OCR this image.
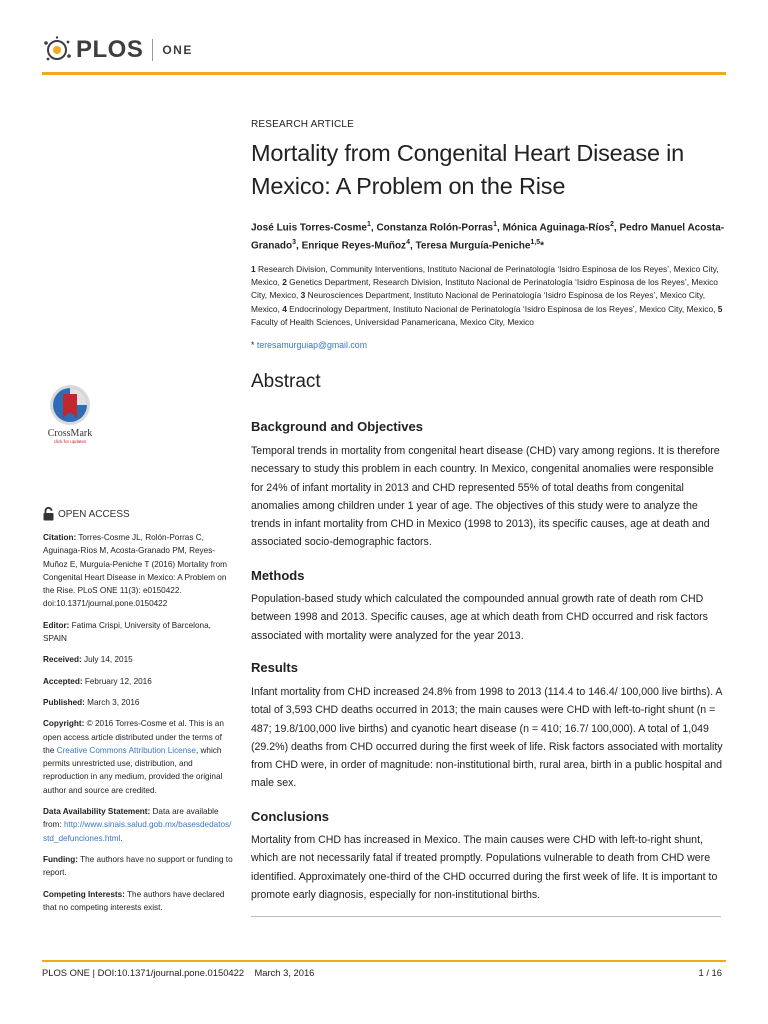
PLOS ONE
CrossMark
click for updates
OPEN ACCESS

Citation: Torres-Cosme JL, Rolón-Porras C, Aguinaga-Ríos M, Acosta-Granado PM, Reyes-Muñoz E, Murguía-Peniche T (2016) Mortality from Congenital Heart Disease in Mexico: A Problem on the Rise. PLoS ONE 11(3): e0150422. doi:10.1371/journal.pone.0150422

Editor: Fatima Crispi, University of Barcelona, SPAIN

Received: July 14, 2015

Accepted: February 12, 2016

Published: March 3, 2016

Copyright: © 2016 Torres-Cosme et al. This is an open access article distributed under the terms of the Creative Commons Attribution License, which permits unrestricted use, distribution, and reproduction in any medium, provided the original author and source are credited.

Data Availability Statement: Data are available from: http://www.sinais.salud.gob.mx/basesdedatos/std_defunciones.html.

Funding: The authors have no support or funding to report.

Competing Interests: The authors have declared that no competing interests exist.

RESEARCH ARTICLE
Mortality from Congenital Heart Disease in Mexico: A Problem on the Rise
José Luis Torres-Cosme$^1$, Constanza Rolón-Porras$^1$, Mónica Aguinaga-Ríos$^2$, Pedro Manuel Acosta-Granado$^3$, Enrique Reyes-Muñoz$^4$, Teresa Murguía-Peniche$^{1,5}$*
1 Research Division, Community Interventions, Instituto Nacional de Perinatología ‘Isidro Espinosa de los Reyes’, Mexico City, Mexico, 2 Genetics Department, Research Division, Instituto Nacional de Perinatología ‘Isidro Espinosa de los Reyes’, Mexico City, Mexico, 3 Neurosciences Department, Instituto Nacional de Perinatología ‘Isidro Espinosa de los Reyes’, Mexico City, Mexico, 4 Endocrinology Department, Instituto Nacional de Perinatología ‘Isidro Espinosa de los Reyes’, Mexico City, Mexico, 5 Faculty of Health Sciences, Universidad Panamericana, Mexico City, Mexico
* teresamurguiap@gmail.com
Abstract
Background and Objectives

Temporal trends in mortality from congenital heart disease (CHD) vary among regions. It is therefore necessary to study this problem in each country. In Mexico, congenital anomalies were responsible for 24% of infant mortality in 2013 and CHD represented 55% of total deaths from congenital anomalies among children under 1 year of age. The objectives of this study were to analyze the trends in infant mortality from CHD in Mexico (1998 to 2013), its specific causes, age at death and associated socio-demographic factors.

Methods

Population-based study which calculated the compounded annual growth rate of death rom CHD between 1998 and 2013. Specific causes, age at which death from CHD occurred and risk factors associated with mortality were analyzed for the year 2013.

Results

Infant mortality from CHD increased 24.8% from 1998 to 2013 (114.4 to 146.4/ 100,000 live births). A total of 3,593 CHD deaths occurred in 2013; the main causes were CHD with left-to-right shunt (n = 487; 19.8/100,000 live births) and cyanotic heart disease (n = 410; 16.7/ 100,000). A total of 1,049 (29.2%) deaths from CHD occurred during the first week of life. Risk factors associated with mortality from CHD were, in order of magnitude: non-institutional birth, rural area, birth in a public hospital and male sex.

Conclusions

Mortality from CHD has increased in Mexico. The main causes were CHD with left-to-right shunt, which are not necessarily fatal if treated promptly. Populations vulnerable to death from CHD were identified. Approximately one-third of the CHD occurred during the first week of life. It is important to promote early diagnosis, especially for non-institutional births.

PLOS ONE | DOI:10.1371/journal.pone.0150422    March 3, 2016	1 / 16
